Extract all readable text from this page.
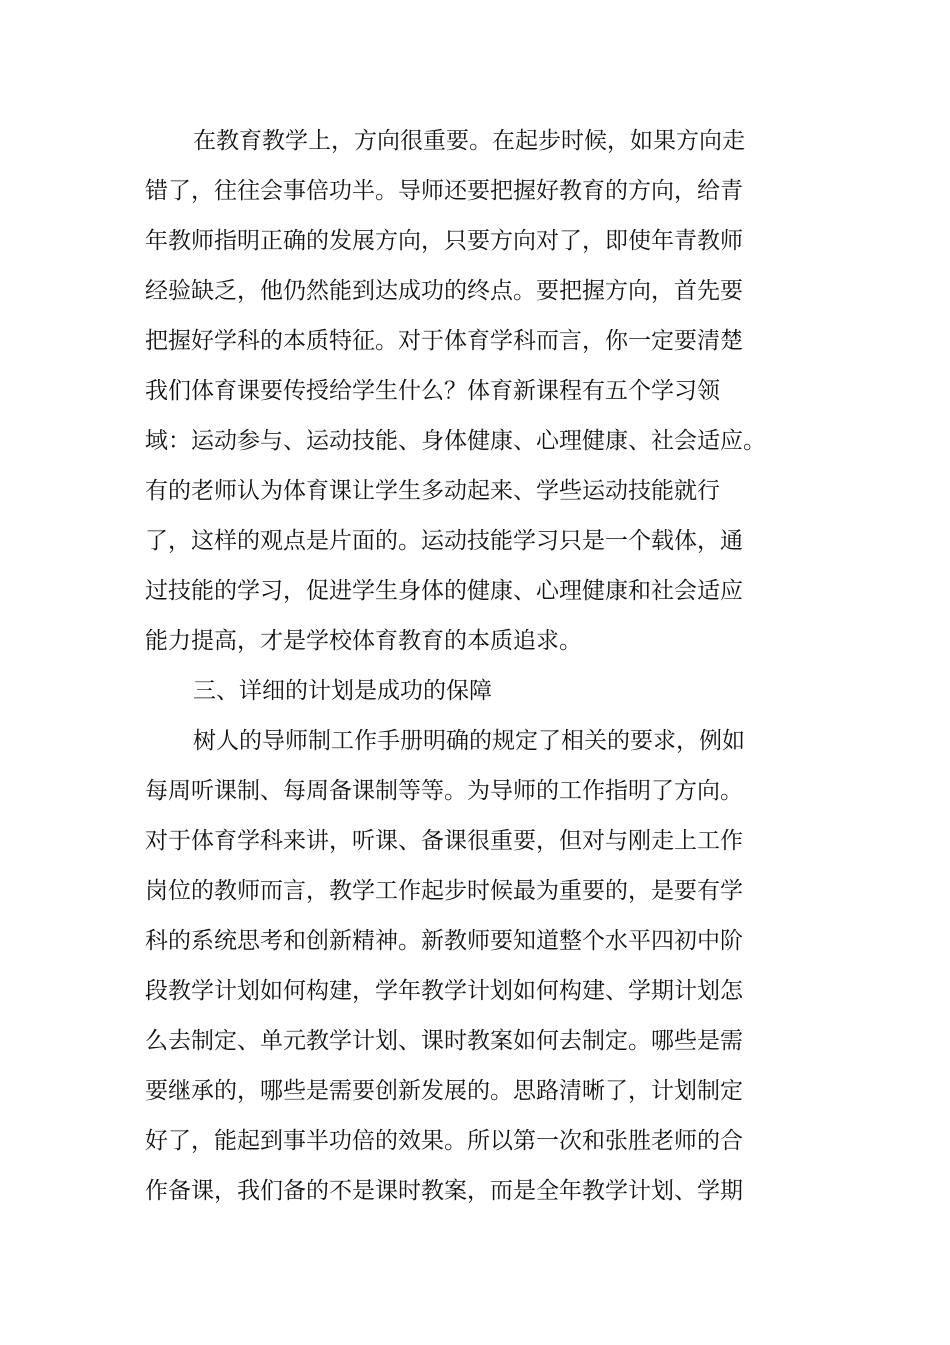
在教育教学上，方向很重要。在起步时候，如果方向走

错了，往往会事倍功半。导师还要把握好教育的方向，给青

年教师指明正确的发展方向，只要方向对了，即使年青教师

经验缺乏，他仍然能到达成功的终点。要把握方向，首先要

把握好学科的本质特征。对于体育学科而言，你一定要清楚

我们体育课要传授给学生什么？体育新课程有五个学习领

域：运动参与、运动技能、身体健康、心理健康、社会适应。

有的老师认为体育课让学生多动起来、学些运动技能就行

了，这样的观点是片面的。运动技能学习只是一个载体，通

过技能的学习，促进学生身体的健康、心理健康和社会适应

能力提高，才是学校体育教育的本质追求。

三、详细的计划是成功的保障

树人的导师制工作手册明确的规定了相关的要求，例如

每周听课制、每周备课制等等。为导师的工作指明了方向。

对于体育学科来讲，听课、备课很重要，但对与刚走上工作

岗位的教师而言，教学工作起步时候最为重要的，是要有学

科的系统思考和创新精神。新教师要知道整个水平四初中阶

段教学计划如何构建，学年教学计划如何构建、学期计划怎

么去制定、单元教学计划、课时教案如何去制定。哪些是需

要继承的，哪些是需要创新发展的。思路清晰了，计划制定

好了，能起到事半功倍的效果。所以第一次和张胜老师的合

作备课，我们备的不是课时教案，而是全年教学计划、学期
